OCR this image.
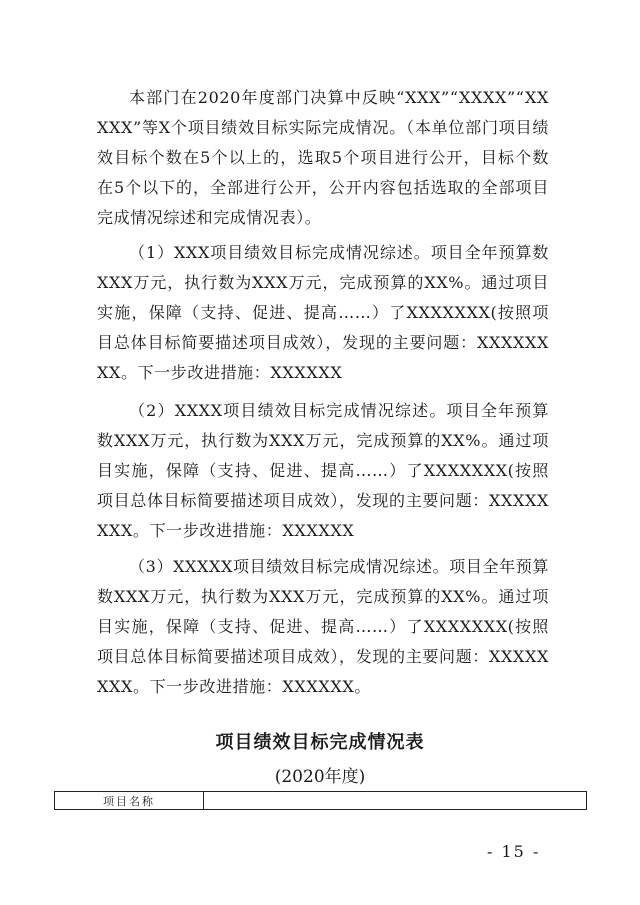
本部门在2020年度部门决算中反映“XXX”“XXXX”“XXXXX”等X个项目绩效目标实际完成情况。（本单位部门项目绩效目标个数在5个以上的，选取5个项目进行公开，目标个数在5个以下的，全部进行公开，公开内容包括选取的全部项目完成情况综述和完成情况表）。

（1）XXX项目绩效目标完成情况综述。项目全年预算数XXX万元，执行数为XXX万元，完成预算的XX%。通过项目实施，保障（支持、促进、提高……）了XXXXXXX(按照项目总体目标简要描述项目成效），发现的主要问题：XXXXXXXX。下一步改进措施：XXXXXX

（2）XXXX项目绩效目标完成情况综述。项目全年预算数XXX万元，执行数为XXX万元，完成预算的XX%。通过项目实施，保障（支持、促进、提高……）了XXXXXXX(按照项目总体目标简要描述项目成效），发现的主要问题：XXXXXXXX。下一步改进措施：XXXXXX

（3）XXXXX项目绩效目标完成情况综述。项目全年预算数XXX万元，执行数为XXX万元，完成预算的XX%。通过项目实施，保障（支持、促进、提高……）了XXXXXXX(按照项目总体目标简要描述项目成效），发现的主要问题：XXXXXXXX。下一步改进措施：XXXXXX。

项目绩效目标完成情况表
(2020年度)
项目名称	
- 15 -
